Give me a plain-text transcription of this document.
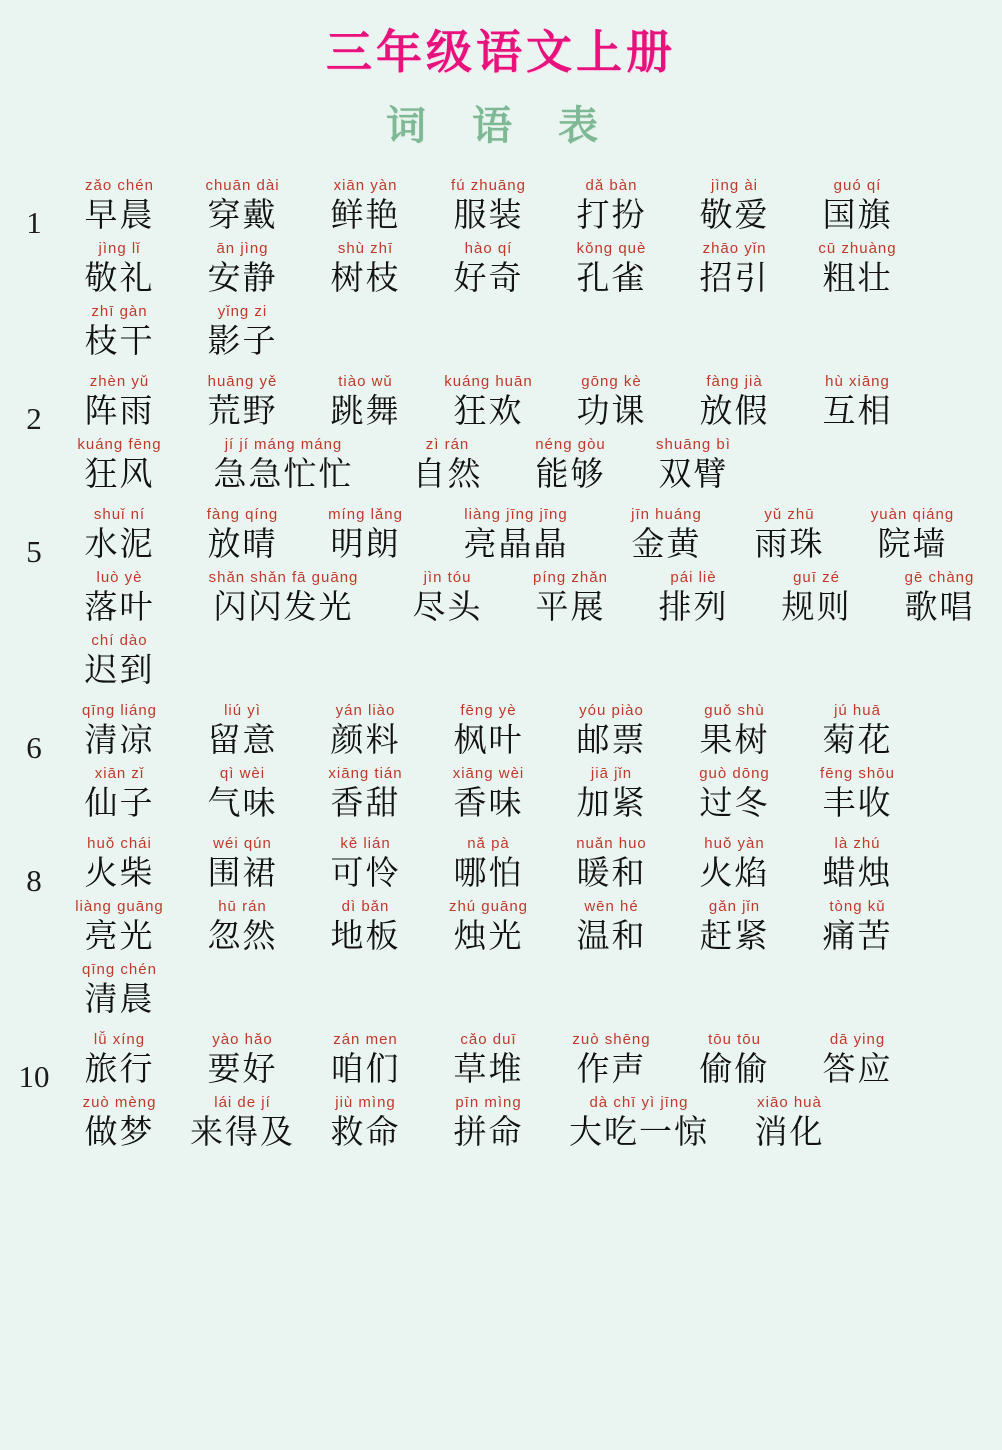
三年级语文上册
词 语 表
1
zǎo chén
早晨
chuān dài
穿戴
xiān yàn
鲜艳
fú zhuāng
服装
dǎ bàn
打扮
jìng ài
敬爱
guó qí
国旗
jìng lǐ
敬礼
ān jìng
安静
shù zhī
树枝
hào qí
好奇
kǒng què
孔雀
zhāo yǐn
招引
cū zhuàng
粗壮
zhī gàn
枝干
yǐng zi
影子
2
zhèn yǔ
阵雨
huāng yě
荒野
tiào wǔ
跳舞
kuáng huān
狂欢
gōng kè
功课
fàng jià
放假
hù xiāng
互相
kuáng fēng
狂风
jí jí máng máng
急急忙忙
zì rán
自然
néng gòu
能够
shuāng bì
双臂
5
shuǐ ní
水泥
fàng qíng
放晴
míng lǎng
明朗
liàng jīng jīng
亮晶晶
jīn huáng
金黄
yǔ zhū
雨珠
yuàn qiáng
院墙
luò yè
落叶
shǎn shǎn fā guāng
闪闪发光
jìn tóu
尽头
píng zhǎn
平展
pái liè
排列
guī zé
规则
gē chàng
歌唱
chí dào
迟到
6
qīng liáng
清凉
liú yì
留意
yán liào
颜料
fēng yè
枫叶
yóu piào
邮票
guǒ shù
果树
jú huā
菊花
xiān zǐ
仙子
qì wèi
气味
xiāng tián
香甜
xiāng wèi
香味
jiā jǐn
加紧
guò dōng
过冬
fēng shōu
丰收
8
huǒ chái
火柴
wéi qún
围裙
kě lián
可怜
nǎ pà
哪怕
nuǎn huo
暖和
huǒ yàn
火焰
là zhú
蜡烛
liàng guāng
亮光
hū rán
忽然
dì bǎn
地板
zhú guāng
烛光
wēn hé
温和
gǎn jǐn
赶紧
tòng kǔ
痛苦
qīng chén
清晨
10
lǚ xíng
旅行
yào hǎo
要好
zán men
咱们
cǎo duī
草堆
zuò shēng
作声
tōu tōu
偷偷
dā ying
答应
zuò mèng
做梦
lái de jí
来得及
jiù mìng
救命
pīn mìng
拼命
dà chī yì jīng
大吃一惊
xiāo huà
消化
